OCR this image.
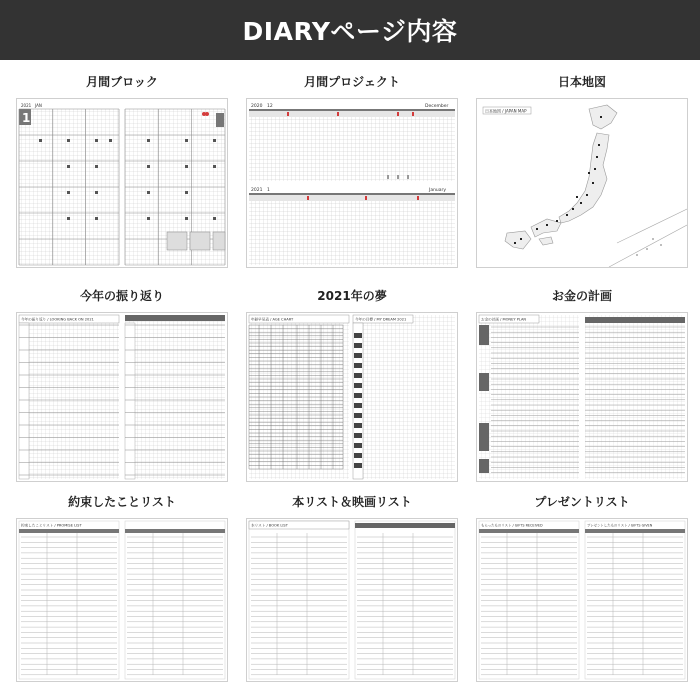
DIARYページ内容
月間ブロック
2021 JAN
1
月間プロジェクト
2020 12	December
2021 1	January
日本地図
日本地図 / JAPAN MAP
今年の振り返り
今年の振り返り / LOOKING BACK ON 2021
2021年の夢
年齢早見表 / AGE CHART	今年の目標 / MY DREAM 2021
お金の計画
お金の計画 / MONEY PLAN
約束したことリスト
約束したことリスト / PROMISE LIST
本リスト＆映画リスト
本リスト / BOOK LIST
プレゼントリスト
もらったものリスト / GIFTS RECEIVED	プレゼントしたものリスト / GIFTS GIVEN
